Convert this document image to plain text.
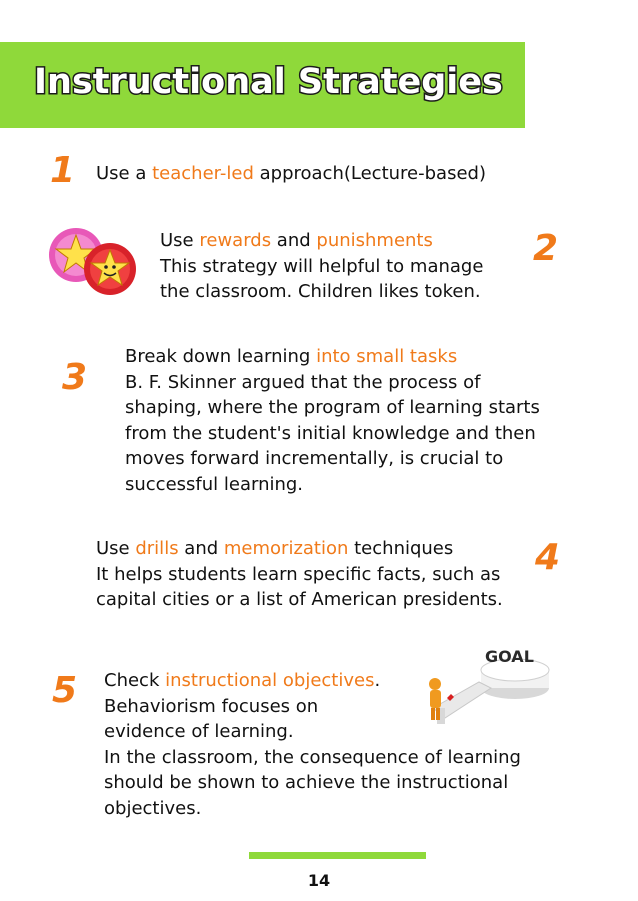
Instructional Strategies
1 Use a teacher-led approach(Lecture-based)
Use rewards and punishments
This strategy will helpful to manage
the classroom. Children likes token.
2
3
Break down learning into small tasks
B. F. Skinner argued that the process of
shaping, where the program of learning starts
from the student's initial knowledge and then
moves forward incrementally, is crucial to
successful learning.
Use drills and memorization techniques
It helps students learn specific facts, such as
capital cities or a list of American presidents.
4
5
GOAL
Check instructional objectives.
Behaviorism focuses on
evidence of learning.
In the classroom, the consequence of learning
should be shown to achieve the instructional
objectives.
14
